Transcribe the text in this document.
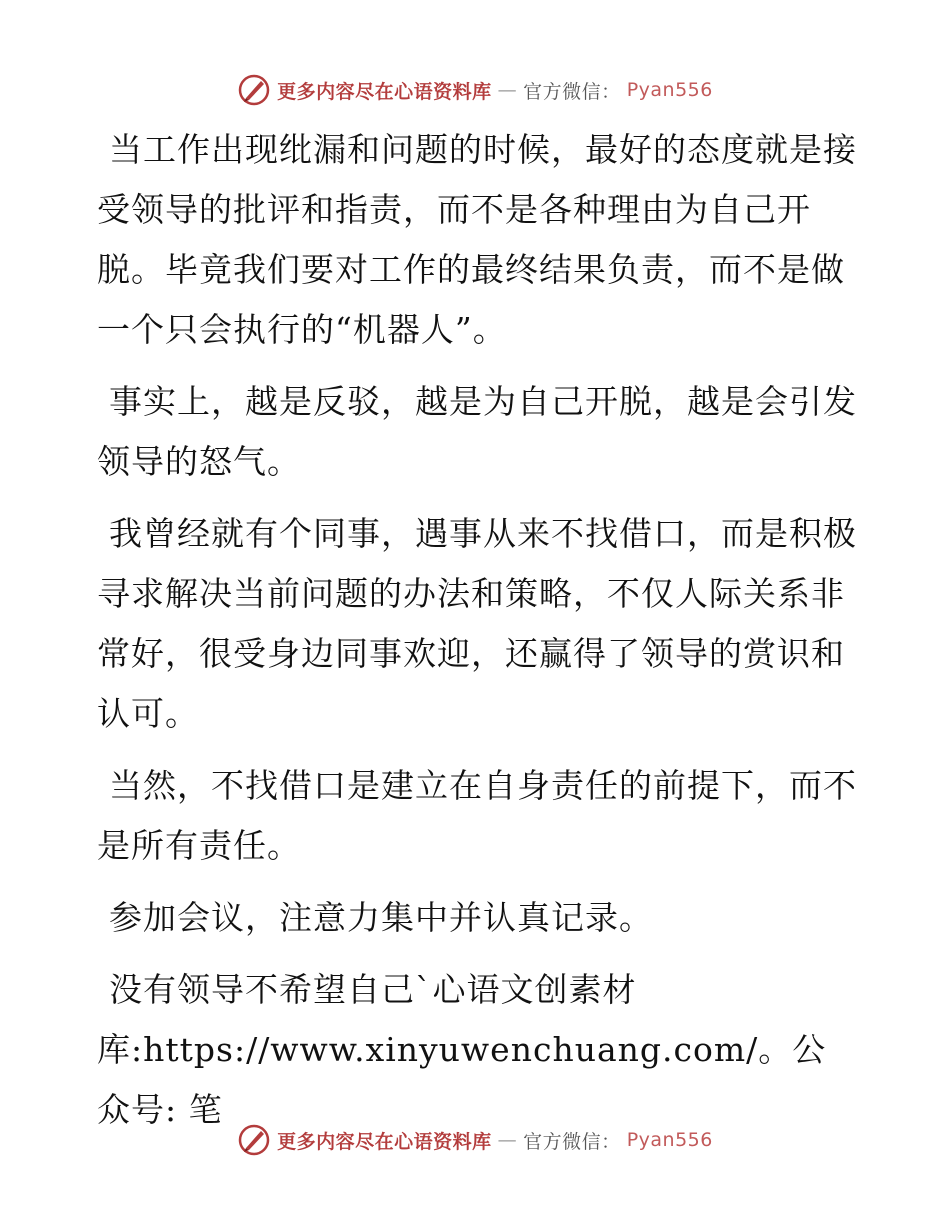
更多内容尽在心语资料库 — 官方微信： Pyan556

当工作出现纰漏和问题的时候，最好的态度就是接受领导的批评和指责，而不是各种理由为自己开脱。毕竟我们要对工作的最终结果负责，而不是做一个只会执行的“机器人”。

事实上，越是反驳，越是为自己开脱，越是会引发领导的怒气。

我曾经就有个同事，遇事从来不找借口，而是积极寻求解决当前问题的办法和策略，不仅人际关系非常好，很受身边同事欢迎，还赢得了领导的赏识和认可。

当然，不找借口是建立在自身责任的前提下，而不是所有责任。

参加会议，注意力集中并认真记录。

没有领导不希望自己`心语文创素材库:https://www.xinyuwenchuang.com/。公众号: 笔

更多内容尽在心语资料库 — 官方微信： Pyan556
